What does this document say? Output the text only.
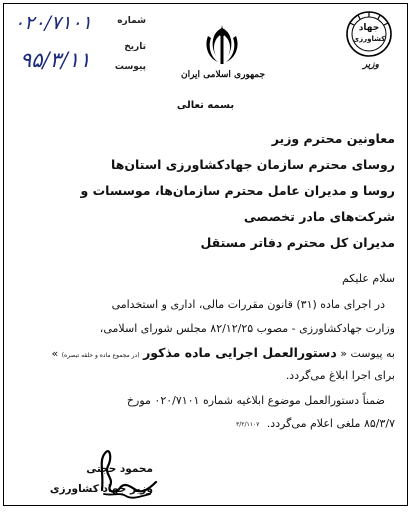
۰۲۰/۷۱۰۱	شماره
۹۵/۳/۱۱
تاریخ
پیوست
جمهوری اسلامی ایران
جهاد
کشاورزی
وزیر
بسمه تعالی
معاونین محترم وزیر
روسای محترم سازمان جهادکشاورزی استان‌ها
روسا و مدیران عامل محترم سازمان‌ها، موسسات و
شرکت‌های مادر تخصصی
مدیران کل محترم دفاتر مستقل
سلام علیکم
در اجرای ماده (۳۱) قانون مقررات مالی، اداری و استخدامی
وزارت جهادکشاورزی - مصوب ۸۲/۱۲/۲۵ مجلس شورای اسلامی،
به پیوست « دستورالعمل اجرایی ماده مذکور (در مجموع ماده و حلقه تبصره) »
برای اجرا ابلاغ می‌گردد.
ضمناً دستورالعمل موضوع ابلاغیه شماره ۰۲۰/۷۱۰۱ مورخ
۸۵/۳/۷ ملغی اعلام می‌گردد.
۳/۲/۱۱۰۷
محمود حجتی
وزیر جهاد کشاورزی
